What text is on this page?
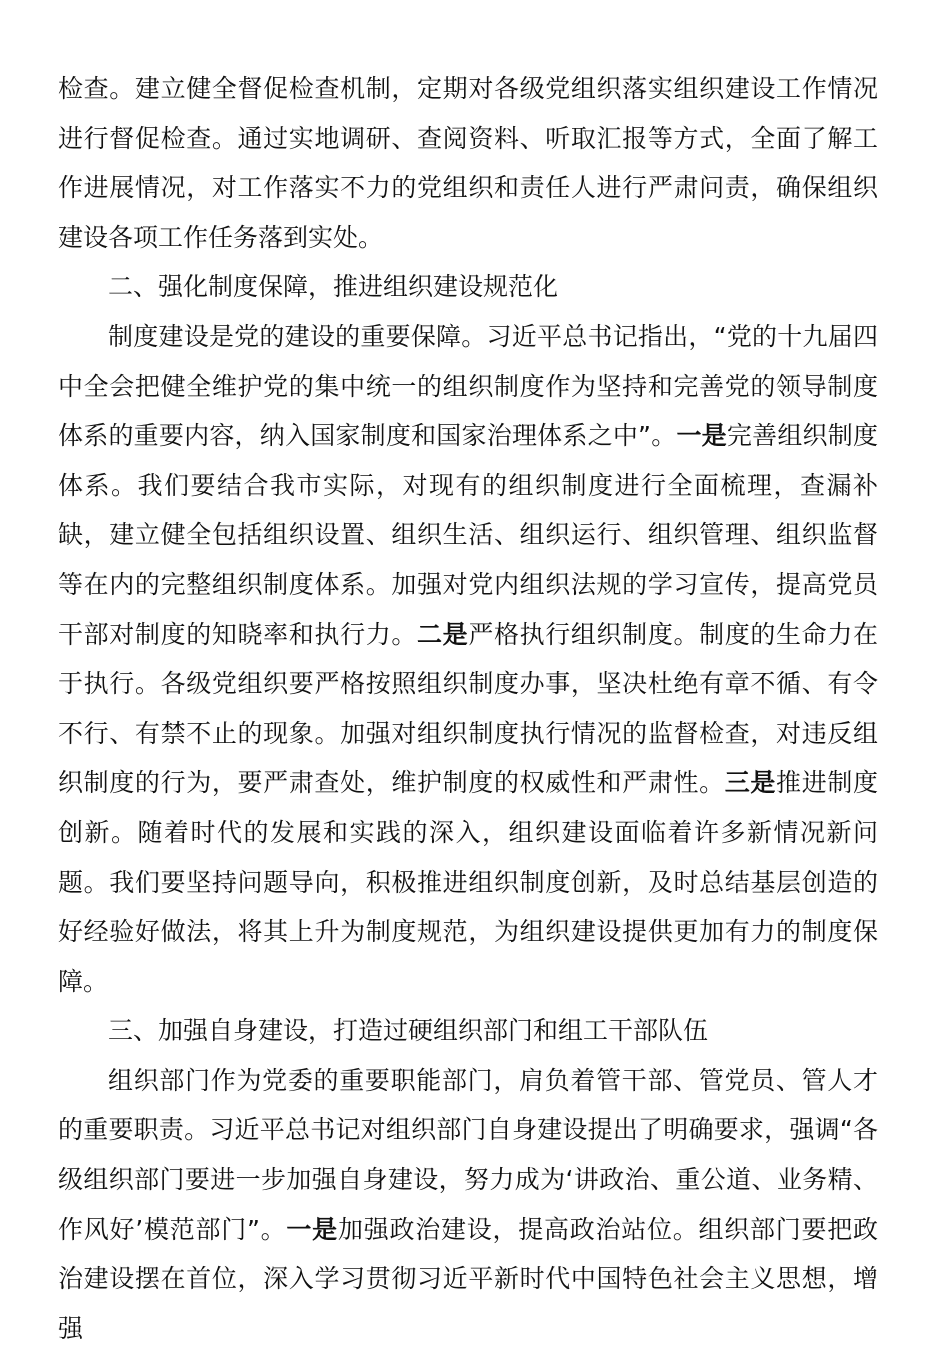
检查。建立健全督促检查机制，定期对各级党组织落实组织建设工作情况进行督促检查。通过实地调研、查阅资料、听取汇报等方式，全面了解工作进展情况，对工作落实不力的党组织和责任人进行严肃问责，确保组织建设各项工作任务落到实处。

二、强化制度保障，推进组织建设规范化

制度建设是党的建设的重要保障。习近平总书记指出，“党的十九届四中全会把健全维护党的集中统一的组织制度作为坚持和完善党的领导制度体系的重要内容，纳入国家制度和国家治理体系之中”。一是完善组织制度体系。我们要结合我市实际，对现有的组织制度进行全面梳理，查漏补缺，建立健全包括组织设置、组织生活、组织运行、组织管理、组织监督等在内的完整组织制度体系。加强对党内组织法规的学习宣传，提高党员干部对制度的知晓率和执行力。二是严格执行组织制度。制度的生命力在于执行。各级党组织要严格按照组织制度办事，坚决杜绝有章不循、有令不行、有禁不止的现象。加强对组织制度执行情况的监督检查，对违反组织制度的行为，要严肃查处，维护制度的权威性和严肃性。三是推进制度创新。随着时代的发展和实践的深入，组织建设面临着许多新情况新问题。我们要坚持问题导向，积极推进组织制度创新，及时总结基层创造的好经验好做法，将其上升为制度规范，为组织建设提供更加有力的制度保障。

三、加强自身建设，打造过硬组织部门和组工干部队伍

组织部门作为党委的重要职能部门，肩负着管干部、管党员、管人才的重要职责。习近平总书记对组织部门自身建设提出了明确要求，强调“各级组织部门要进一步加强自身建设，努力成为‘讲政治、重公道、业务精、作风好’模范部门”。一是加强政治建设，提高政治站位。组织部门要把政治建设摆在首位，深入学习贯彻习近平新时代中国特色社会主义思想，增强
